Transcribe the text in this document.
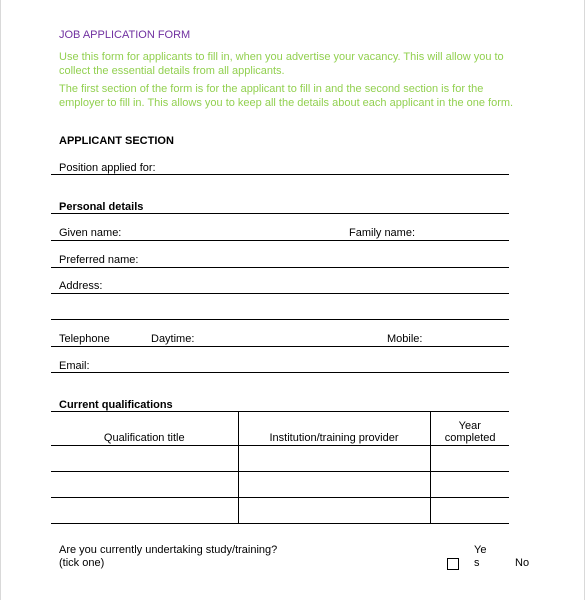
JOB APPLICATION FORM
Use this form for applicants to fill in, when you advertise your vacancy. This will allow you to collect the essential details from all applicants.
The first section of the form is for the applicant to fill in and the second section is for the employer to fill in. This allows you to keep all the details about each applicant in the one form.
APPLICANT SECTION
Position applied for:
Personal details
Given name:	Family name:
Preferred name:
Address:
Telephone	Daytime:	Mobile:
Email:
Current qualifications
Qualification title	Institution/training provider	Year completed

Are you currently undertaking study/training?
(tick one)
Ye
s	No
